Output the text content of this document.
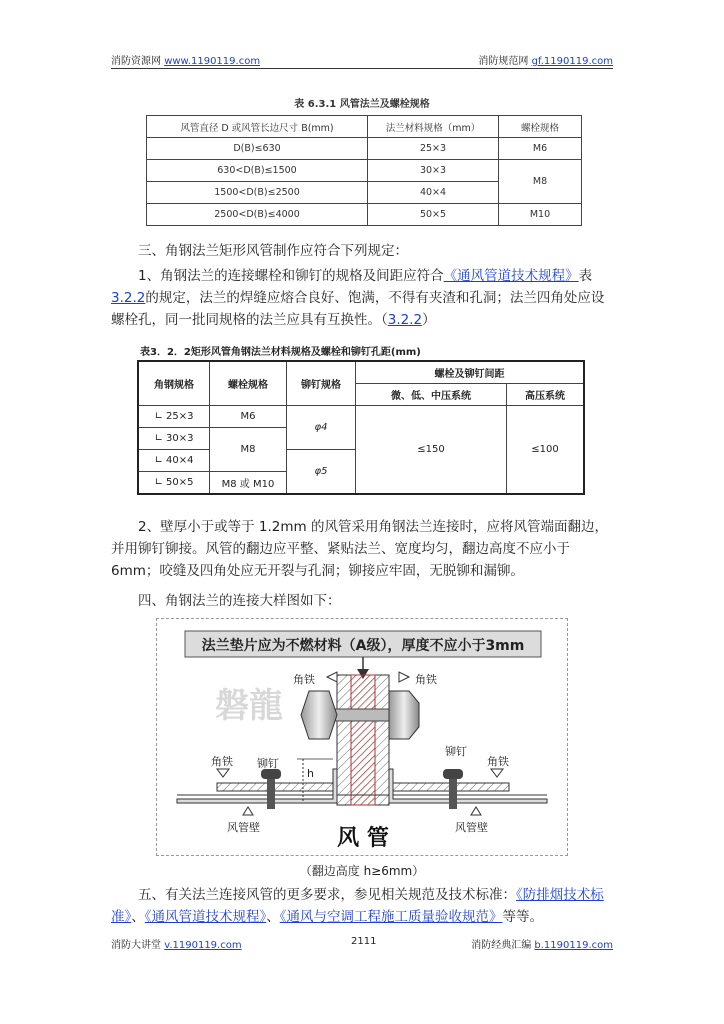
消防资源网 www.1190119.com	消防规范网 gf.1190119.com
表 6.3.1 风管法兰及螺栓规格
风管直径 D 或风管长边尺寸 B(mm)	法兰材料规格（mm）	螺栓规格
D(B)≤630	25×3	M6
630<D(B)≤1500	30×3	M8
1500<D(B)≤2500	40×4	
2500<D(B)≤4000	50×5	M10
三、角钢法兰矩形风管制作应符合下列规定：
1、角钢法兰的连接螺栓和铆钉的规格及间距应符合《通风管道技术规程》表3.2.2的规定，法兰的焊缝应熔合良好、饱满，不得有夹渣和孔洞；法兰四角处应设螺栓孔，同一批同规格的法兰应具有互换性。（3.2.2）
表3．2．2矩形风管角钢法兰材料规格及螺栓和铆钉孔距(mm)
角钢规格	螺栓规格	铆钉规格	螺栓及铆钉间距	
			微、低、中压系统	高压系统
∟ 25×3	M6	φ4	≤150	≤100
∟ 30×3	M8			
∟ 40×4		φ5		
∟ 50×5	M8 或 M10			
2、壁厚小于或等于 1.2mm 的风管采用角钢法兰连接时，应将风管端面翻边，并用铆钉铆接。风管的翻边应平整、紧贴法兰、宽度均匀，翻边高度不应小于 6mm；咬缝及四角处应无开裂与孔洞；铆接应牢固，无脱铆和漏铆。
四、角钢法兰的连接大样图如下：
法兰垫片应为不燃材料（A级），厚度不应小于3mm
磐龍
角铁	角铁
角铁 铆钉
铆钉
角铁
h
风管壁	风管壁
风 管
（翻边高度 h≥6mm）
五、有关法兰连接风管的更多要求，参见相关规范及技术标准：《防排烟技术标准》、《通风管道技术规程》、《通风与空调工程施工质量验收规范》等等。
消防大讲堂 v.1190119.com	2111	消防经典汇编 b.1190119.com
